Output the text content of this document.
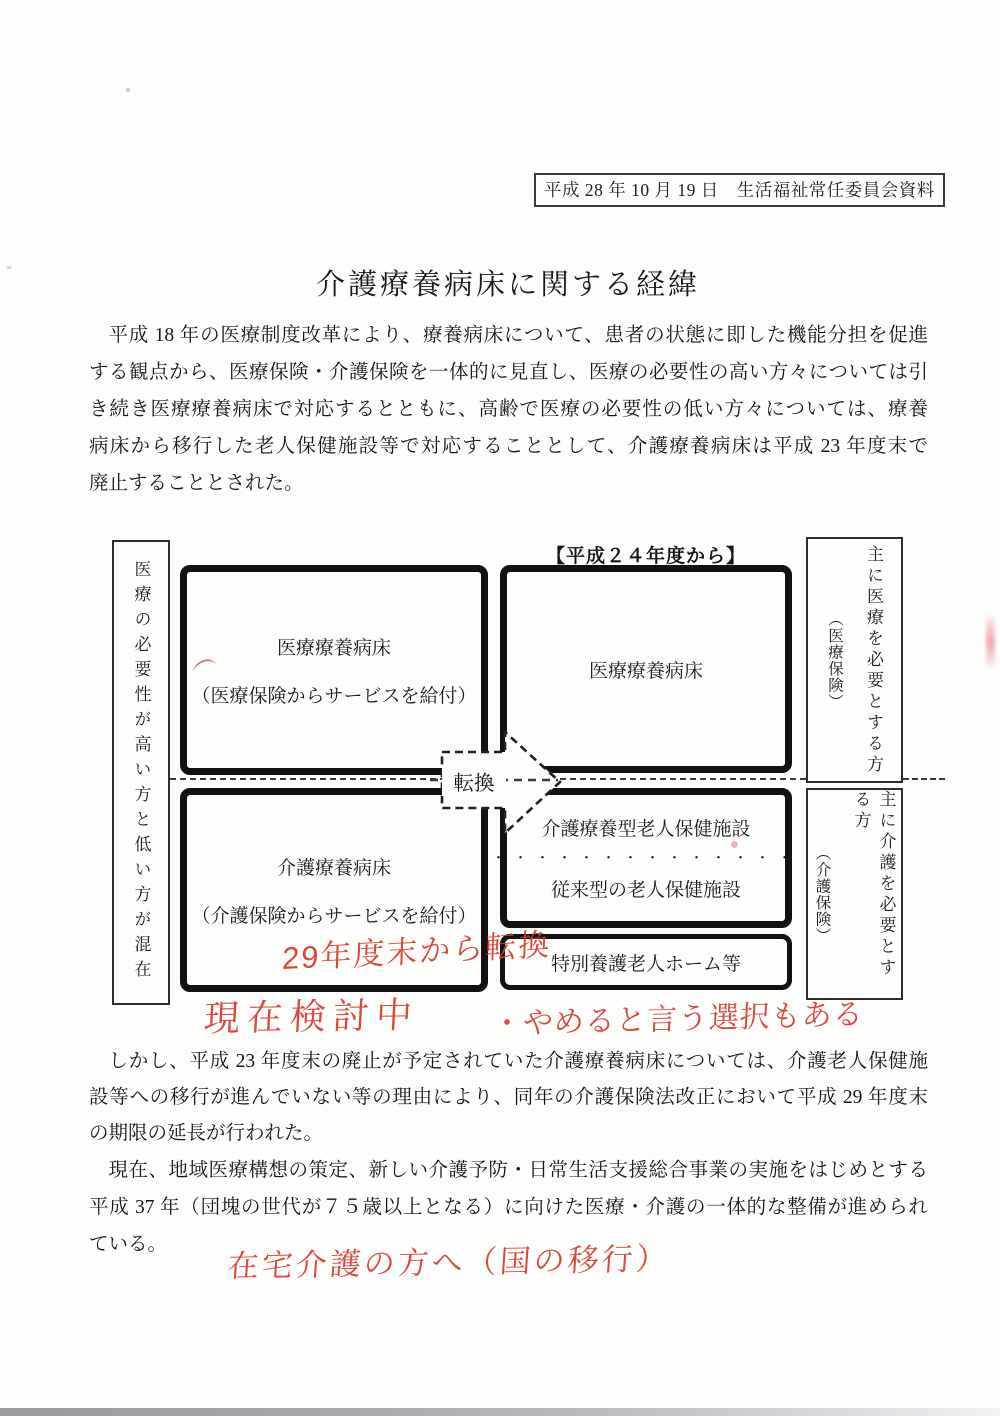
平成 28 年 10 月 19 日　生活福祉常任委員会資料
介護療養病床に関する経緯
平成 18 年の医療制度改革により、療養病床について、患者の状態に即した機能分担を促進
する観点から、医療保険・介護保険を一体的に見直し、医療の必要性の高い方々については引
き続き医療療養病床で対応するとともに、高齢で医療の必要性の低い方々については、療養
病床から移行した老人保健施設等で対応することとして、介護療養病床は平成 23 年度末で
廃止することとされた。
医療の必要性が高い方と低い方が混在
【平成２４年度から】
医療療養病床
（医療保険からサービスを給付）
介護療養病床
（介護保険からサービスを給付）
医療療養病床
介護療養型老人保健施設
・・・・・・・・・・・・・・
従来型の老人保健施設
特別養護老人ホーム等
主に医療を必要とする方
（医療保険）
主に介護を必要とする方
（介護保険）
転換
29年度末から転換
現在検討中 ・やめると言う選択もある
在宅介護の方へ（国の移行）
しかし、平成 23 年度末の廃止が予定されていた介護療養病床については、介護老人保健施
設等への移行が進んでいない等の理由により、同年の介護保険法改正において平成 29 年度末
の期限の延長が行われた。
現在、地域医療構想の策定、新しい介護予防・日常生活支援総合事業の実施をはじめとする
平成 37 年（団塊の世代が７５歳以上となる）に向けた医療・介護の一体的な整備が進められ
ている。
